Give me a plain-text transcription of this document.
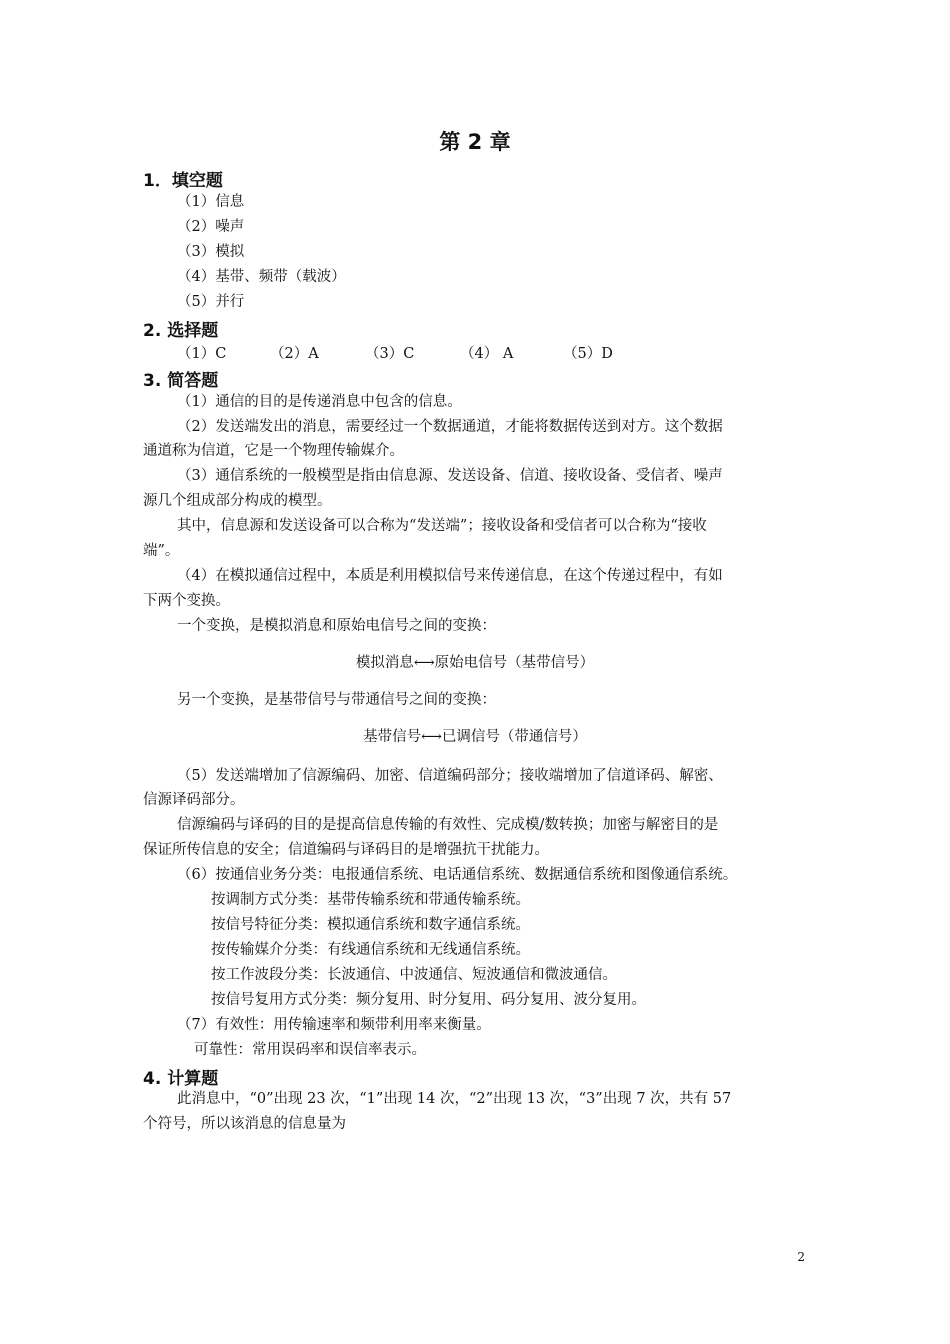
第 2 章
1．填空题
（1）信息
（2）噪声
（3）模拟
（4）基带、频带（载波）
（5）并行
2. 选择题
（1）C	（2）A	（3）C	（4） A	（5）D
3. 简答题
（1）通信的目的是传递消息中包含的信息。
（2）发送端发出的消息，需要经过一个数据通道，才能将数据传送到对方。这个数据
通道称为信道，它是一个物理传输媒介。
（3）通信系统的一般模型是指由信息源、发送设备、信道、接收设备、受信者、噪声
源几个组成部分构成的模型。
其中，信息源和发送设备可以合称为“发送端”；接收设备和受信者可以合称为“接收
端”。
（4）在模拟通信过程中，本质是利用模拟信号来传递信息，在这个传递过程中，有如
下两个变换。
一个变换，是模拟消息和原始电信号之间的变换：
模拟消息⟷原始电信号（基带信号）
另一个变换，是基带信号与带通信号之间的变换：
基带信号⟷已调信号（带通信号）
（5）发送端增加了信源编码、加密、信道编码部分；接收端增加了信道译码、解密、
信源译码部分。
信源编码与译码的目的是提高信息传输的有效性、完成模/数转换；加密与解密目的是
保证所传信息的安全；信道编码与译码目的是增强抗干扰能力。
（6）按通信业务分类：电报通信系统、电话通信系统、数据通信系统和图像通信系统。
按调制方式分类：基带传输系统和带通传输系统。
按信号特征分类：模拟通信系统和数字通信系统。
按传输媒介分类：有线通信系统和无线通信系统。
按工作波段分类：长波通信、中波通信、短波通信和微波通信。
按信号复用方式分类：频分复用、时分复用、码分复用、波分复用。
（7）有效性：用传输速率和频带利用率来衡量。
可靠性：常用误码率和误信率表示。
4. 计算题
此消息中，“0”出现 23 次，“1”出现 14 次，“2”出现 13 次，“3”出现 7 次，共有 57
个符号，所以该消息的信息量为
2
